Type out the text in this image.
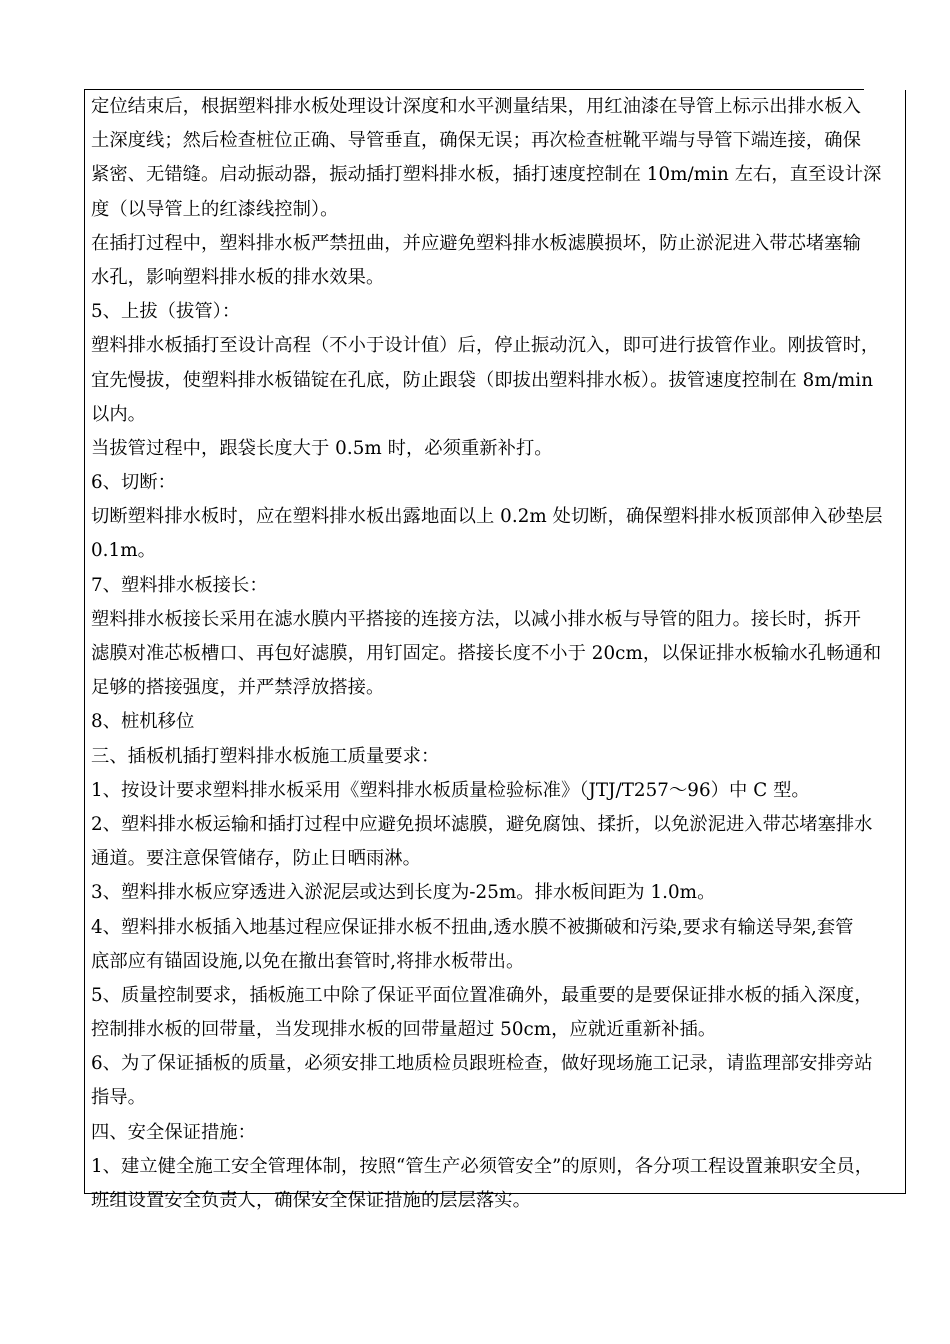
定位结束后，根据塑料排水板处理设计深度和水平测量结果，用红油漆在导管上标示出排水板入
土深度线；然后检查桩位正确、导管垂直，确保无误；再次检查桩靴平端与导管下端连接，确保
紧密、无错缝。启动振动器，振动插打塑料排水板，插打速度控制在 10m/min 左右，直至设计深
度（以导管上的红漆线控制）。
在插打过程中，塑料排水板严禁扭曲，并应避免塑料排水板滤膜损坏，防止淤泥进入带芯堵塞输
水孔，影响塑料排水板的排水效果。
5、上拔（拔管）：
塑料排水板插打至设计高程（不小于设计值）后，停止振动沉入，即可进行拔管作业。刚拔管时，
宜先慢拔，使塑料排水板锚锭在孔底，防止跟袋（即拔出塑料排水板）。拔管速度控制在 8m/min
以内。
当拔管过程中，跟袋长度大于 0.5m 时，必须重新补打。
6、切断：
切断塑料排水板时，应在塑料排水板出露地面以上 0.2m 处切断，确保塑料排水板顶部伸入砂垫层
0.1m。
7、塑料排水板接长：
塑料排水板接长采用在滤水膜内平搭接的连接方法，以减小排水板与导管的阻力。接长时，拆开
滤膜对准芯板槽口、再包好滤膜，用钉固定。搭接长度不小于 20cm，以保证排水板输水孔畅通和
足够的搭接强度，并严禁浮放搭接。
8、桩机移位
三、插板机插打塑料排水板施工质量要求：
1、按设计要求塑料排水板采用《塑料排水板质量检验标准》（JTJ/T257～96）中 C 型。
2、塑料排水板运输和插打过程中应避免损坏滤膜，避免腐蚀、揉折，以免淤泥进入带芯堵塞排水
通道。要注意保管储存，防止日晒雨淋。
3、塑料排水板应穿透进入淤泥层或达到长度为-25m。排水板间距为 1.0m。
4、塑料排水板插入地基过程应保证排水板不扭曲,透水膜不被撕破和污染,要求有输送导架,套管
底部应有锚固设施,以免在撤出套管时,将排水板带出。
5、质量控制要求，插板施工中除了保证平面位置准确外，最重要的是要保证排水板的插入深度，
控制排水板的回带量，当发现排水板的回带量超过 50cm，应就近重新补插。
6、为了保证插板的质量，必须安排工地质检员跟班检查，做好现场施工记录，请监理部安排旁站
指导。
四、安全保证措施：
1、建立健全施工安全管理体制，按照“管生产必须管安全”的原则，各分项工程设置兼职安全员，
班组设置安全负责人，确保安全保证措施的层层落实。
